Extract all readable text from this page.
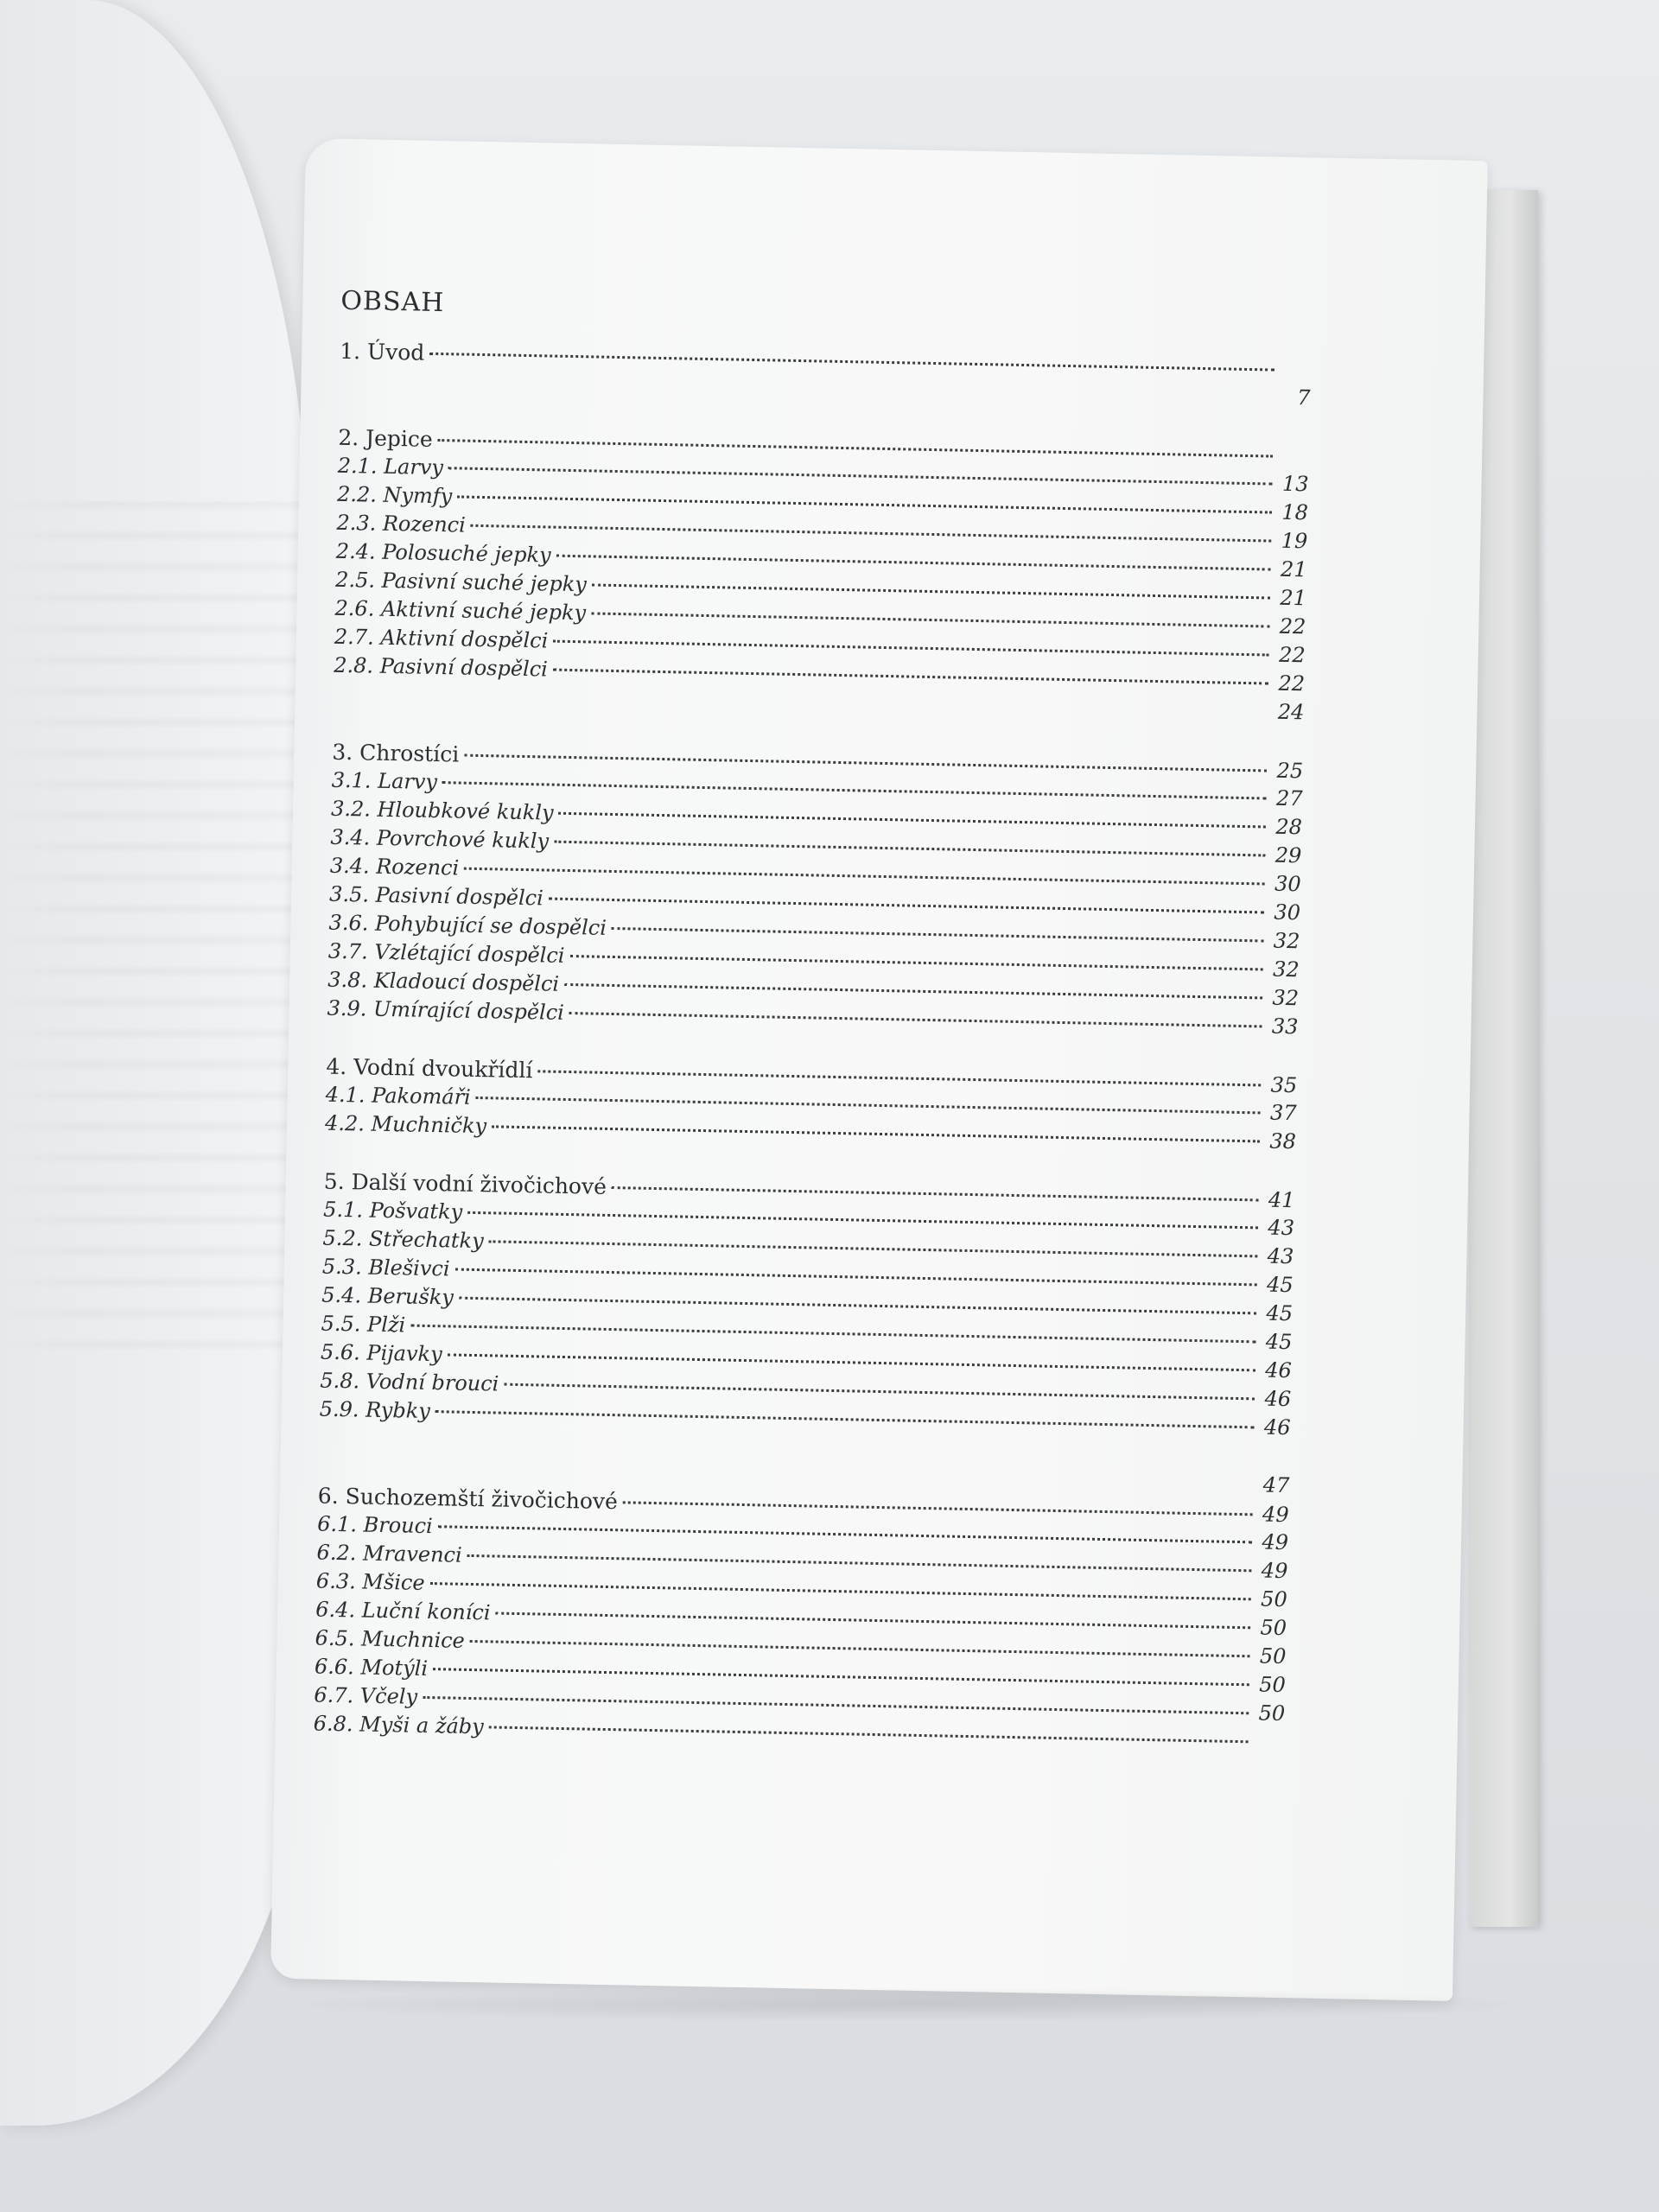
OBSAH
1. Úvod
7
2. Jepice
2.1. Larvy
13
2.2. Nymfy
18
2.3. Rozenci
19
2.4. Polosuché jepky
21
2.5. Pasivní suché jepky
21
2.6. Aktivní suché jepky
22
2.7. Aktivní dospělci
22
2.8. Pasivní dospělci
22
24
3. Chrostíci
25
3.1. Larvy
27
3.2. Hloubkové kukly
28
3.4. Povrchové kukly
29
3.4. Rozenci
30
3.5. Pasivní dospělci
30
3.6. Pohybující se dospělci
32
3.7. Vzlétající dospělci
32
3.8. Kladoucí dospělci
32
3.9. Umírající dospělci
33
4. Vodní dvoukřídlí
35
4.1. Pakomáři
37
4.2. Muchničky
38
5. Další vodní živočichové
41
5.1. Pošvatky
43
5.2. Střechatky
43
5.3. Blešivci
45
5.4. Berušky
45
5.5. Plži
45
5.6. Pijavky
46
5.8. Vodní brouci
46
5.9. Rybky
46
47
6. Suchozemští živočichové
49
6.1. Brouci
49
6.2. Mravenci
49
6.3. Mšice
50
6.4. Luční koníci
50
6.5. Muchnice
50
6.6. Motýli
50
6.7. Včely
50
6.8. Myši a žáby
